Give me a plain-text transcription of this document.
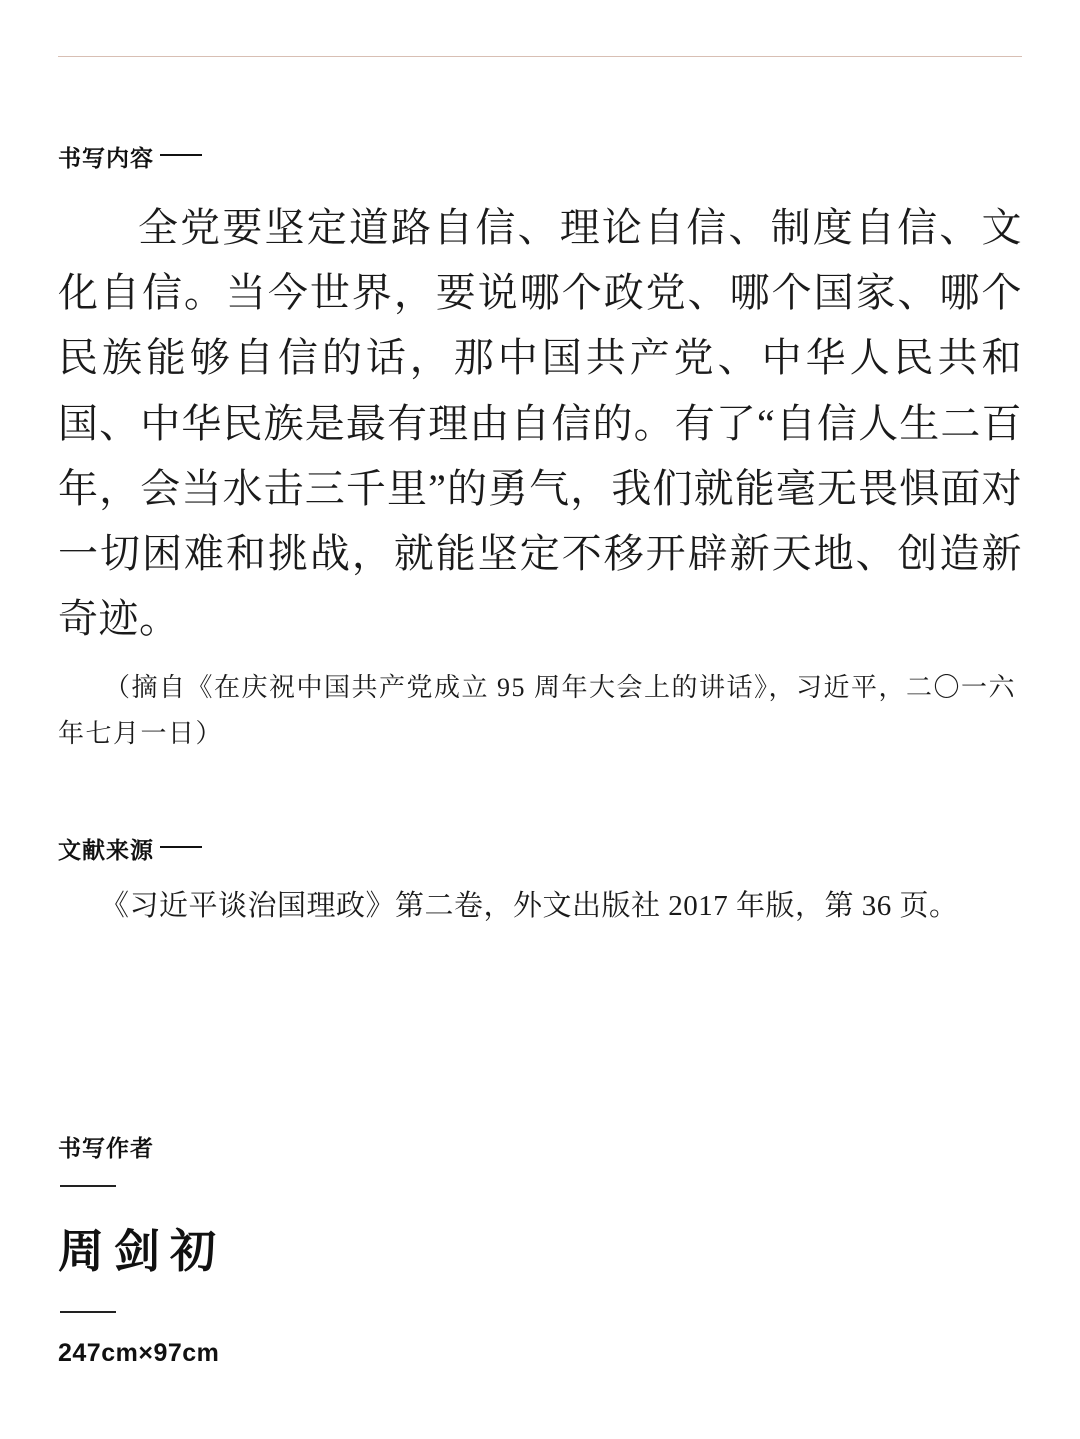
书写内容
全党要坚定道路自信、理论自信、制度自信、文化自信。当今世界，要说哪个政党、哪个国家、哪个民族能够自信的话，那中国共产党、中华人民共和国、中华民族是最有理由自信的。有了“自信人生二百年，会当水击三千里”的勇气，我们就能毫无畏惧面对一切困难和挑战，就能坚定不移开辟新天地、创造新奇迹。
（摘自《在庆祝中国共产党成立 95 周年大会上的讲话》，习近平，二〇一六年七月一日）
文献来源
《习近平谈治国理政》第二卷，外文出版社 2017 年版，第 36 页。
书写作者
周剑初
247cm×97cm
